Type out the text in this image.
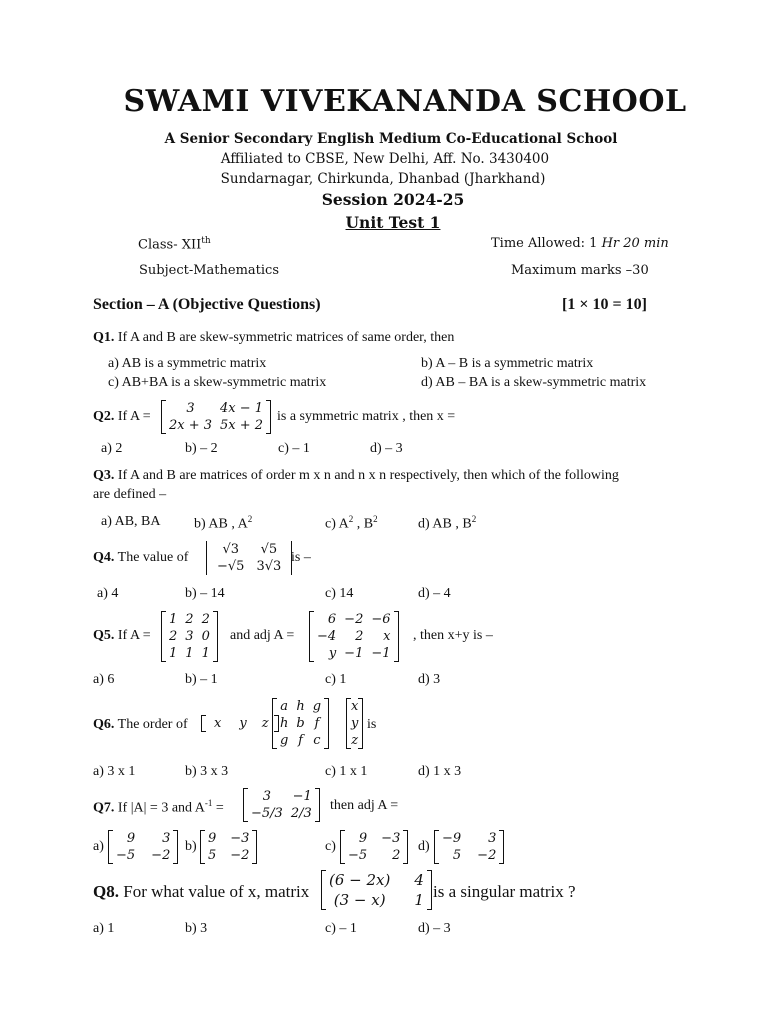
SWAMI VIVEKANANDA SCHOOL
A Senior Secondary English Medium Co-Educational School
Affiliated to CBSE, New Delhi, Aff. No. 3430400
Sundarnagar, Chirkunda, Dhanbad (Jharkhand)
Session 2024-25
Unit Test 1
Class- XIIth	Time Allowed: 1 Hr 20 min
Subject-Mathematics	Maximum marks –30
Section – A (Objective Questions)	[1 × 10 = 10]
Q1. If A and B are skew-symmetric matrices of same order, then
a) AB is a symmetric matrix	b) A – B is a symmetric matrix
c) AB+BA is a skew-symmetric matrix	d) AB – BA is a skew-symmetric matrix
Q2. If A =
3	4x − 1
2x + 3	5x + 2
is a symmetric matrix , then x =
a) 2	b) – 2	c) – 1	d) – 3
Q3. If A and B are matrices of order m x n and n x n respectively, then which of the following
are defined –
a) AB, BA b) AB , $A^2$	c) $A^2$ , $B^2$	d) AB , $B^2$
Q4. The value of
√3	√5
−√5	3√3
is –
a) 4	b) – 14	c) 14	d) – 4
Q5. If A =
1	2	2
2	3	0
1	1	1
and adj A =
6	−2	−6
−4	2	x
y	−1	−1
, then x+y is –
a) 6	b) – 1	c) 1	d) 3
Q6. The order of x	y	z
a	h	g
h	b	f
g	f	c
x
y
z
is
a) 3 x 1	b) 3 x 3	c) 1 x 1	d) 1 x 3
Q7. If |A| = 3 and $A^{-1}$ =
3	−1
−5/3	2/3
then adj A =
a)
9	3
−5	−2
b)
9	−3
5	−2
c)
9	−3
−5	2
d)
−9	3
5	−2
Q8. For what value of x, matrix
(6 − 2x)	4
(3 − x)	1 is a singular matrix ?
a) 1	b) 3	c) – 1	d) – 3
